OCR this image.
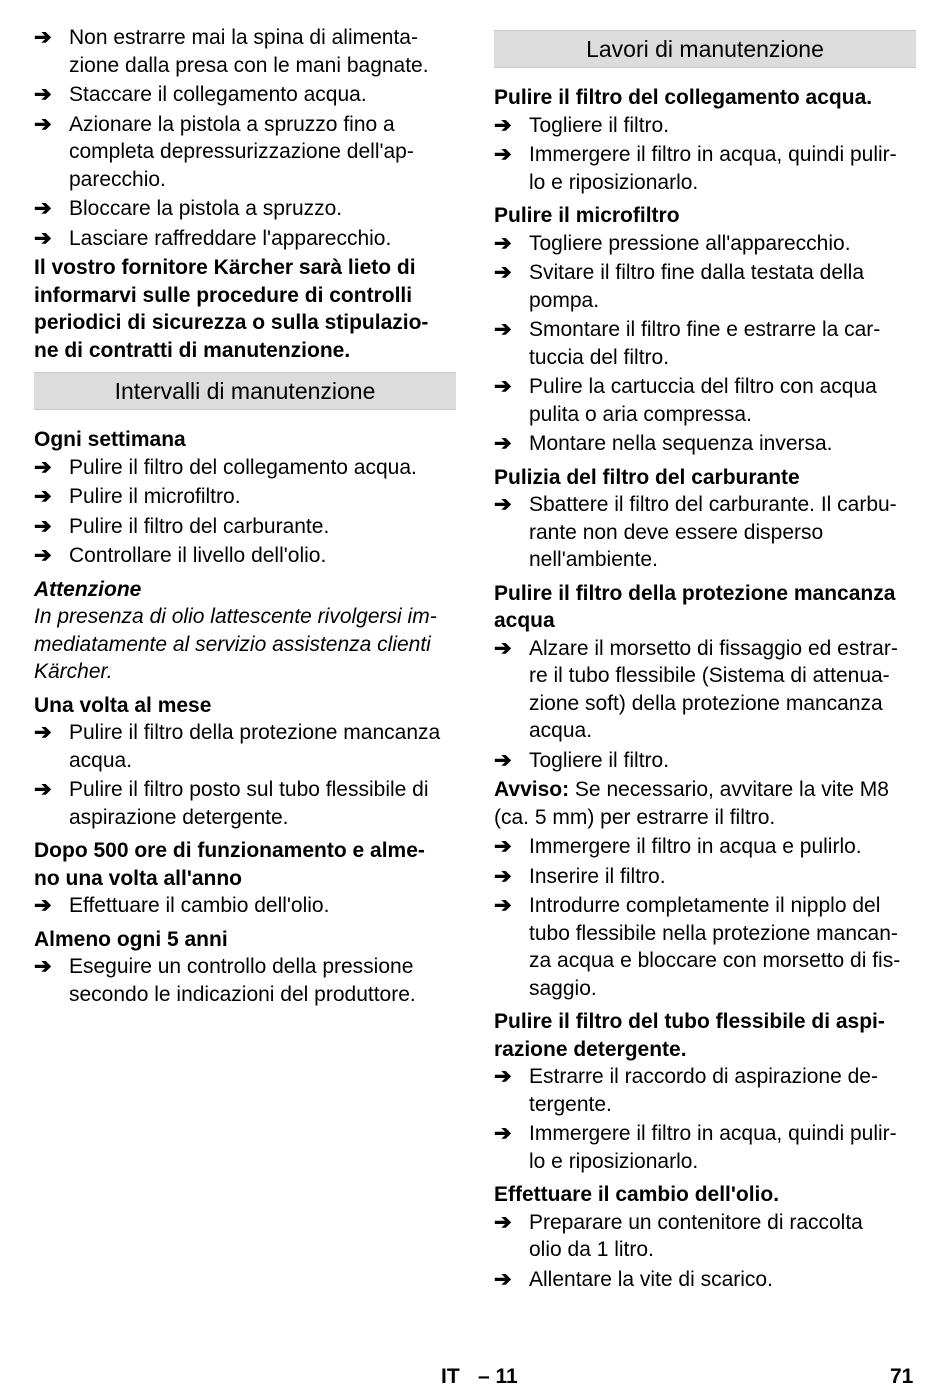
➔ Non estrarre mai la spina di alimenta-
zione dalla presa con le mani bagnate.
➔ Staccare il collegamento acqua.
➔ Azionare la pistola a spruzzo fino a
completa depressurizzazione dell'ap-
parecchio.
➔ Bloccare la pistola a spruzzo.
➔ Lasciare raffreddare l'apparecchio.
Il vostro fornitore Kärcher sarà lieto di
informarvi sulle procedure di controlli
periodici di sicurezza o sulla stipulazio-
ne di contratti di manutenzione.
Intervalli di manutenzione
Ogni settimana
➔ Pulire il filtro del collegamento acqua.
➔ Pulire il microfiltro.
➔ Pulire il filtro del carburante.
➔ Controllare il livello dell'olio.
Attenzione
In presenza di olio lattescente rivolgersi im-
mediatamente al servizio assistenza clienti
Kärcher.
Una volta al mese
➔ Pulire il filtro della protezione mancanza
acqua.
➔ Pulire il filtro posto sul tubo flessibile di
aspirazione detergente.
Dopo 500 ore di funzionamento e alme-
no una volta all'anno
➔ Effettuare il cambio dell'olio.
Almeno ogni 5 anni
➔ Eseguire un controllo della pressione
secondo le indicazioni del produttore.
Lavori di manutenzione
Pulire il filtro del collegamento acqua.
➔ Togliere il filtro.
➔ Immergere il filtro in acqua, quindi pulir-
lo e riposizionarlo.
Pulire il microfiltro
➔ Togliere pressione all'apparecchio.
➔ Svitare il filtro fine dalla testata della
pompa.
➔ Smontare il filtro fine e estrarre la car-
tuccia del filtro.
➔ Pulire la cartuccia del filtro con acqua
pulita o aria compressa.
➔ Montare nella sequenza inversa.
Pulizia del filtro del carburante
➔ Sbattere il filtro del carburante. Il carbu-
rante non deve essere disperso
nell'ambiente.
Pulire il filtro della protezione mancanza
acqua
➔ Alzare il morsetto di fissaggio ed estrar-
re il tubo flessibile (Sistema di attenua-
zione soft) della protezione mancanza
acqua.
➔ Togliere il filtro.
Avviso: Se necessario, avvitare la vite M8
(ca. 5 mm) per estrarre il filtro.
➔ Immergere il filtro in acqua e pulirlo.
➔ Inserire il filtro.
➔ Introdurre completamente il nipplo del
tubo flessibile nella protezione mancan-
za acqua e bloccare con morsetto di fis-
saggio.
Pulire il filtro del tubo flessibile di aspi-
razione detergente.
➔ Estrarre il raccordo di aspirazione de-
tergente.
➔ Immergere il filtro in acqua, quindi pulir-
lo e riposizionarlo.
Effettuare il cambio dell'olio.
➔ Preparare un contenitore di raccolta
olio da 1 litro.
➔ Allentare la vite di scarico.
IT – 11	71
